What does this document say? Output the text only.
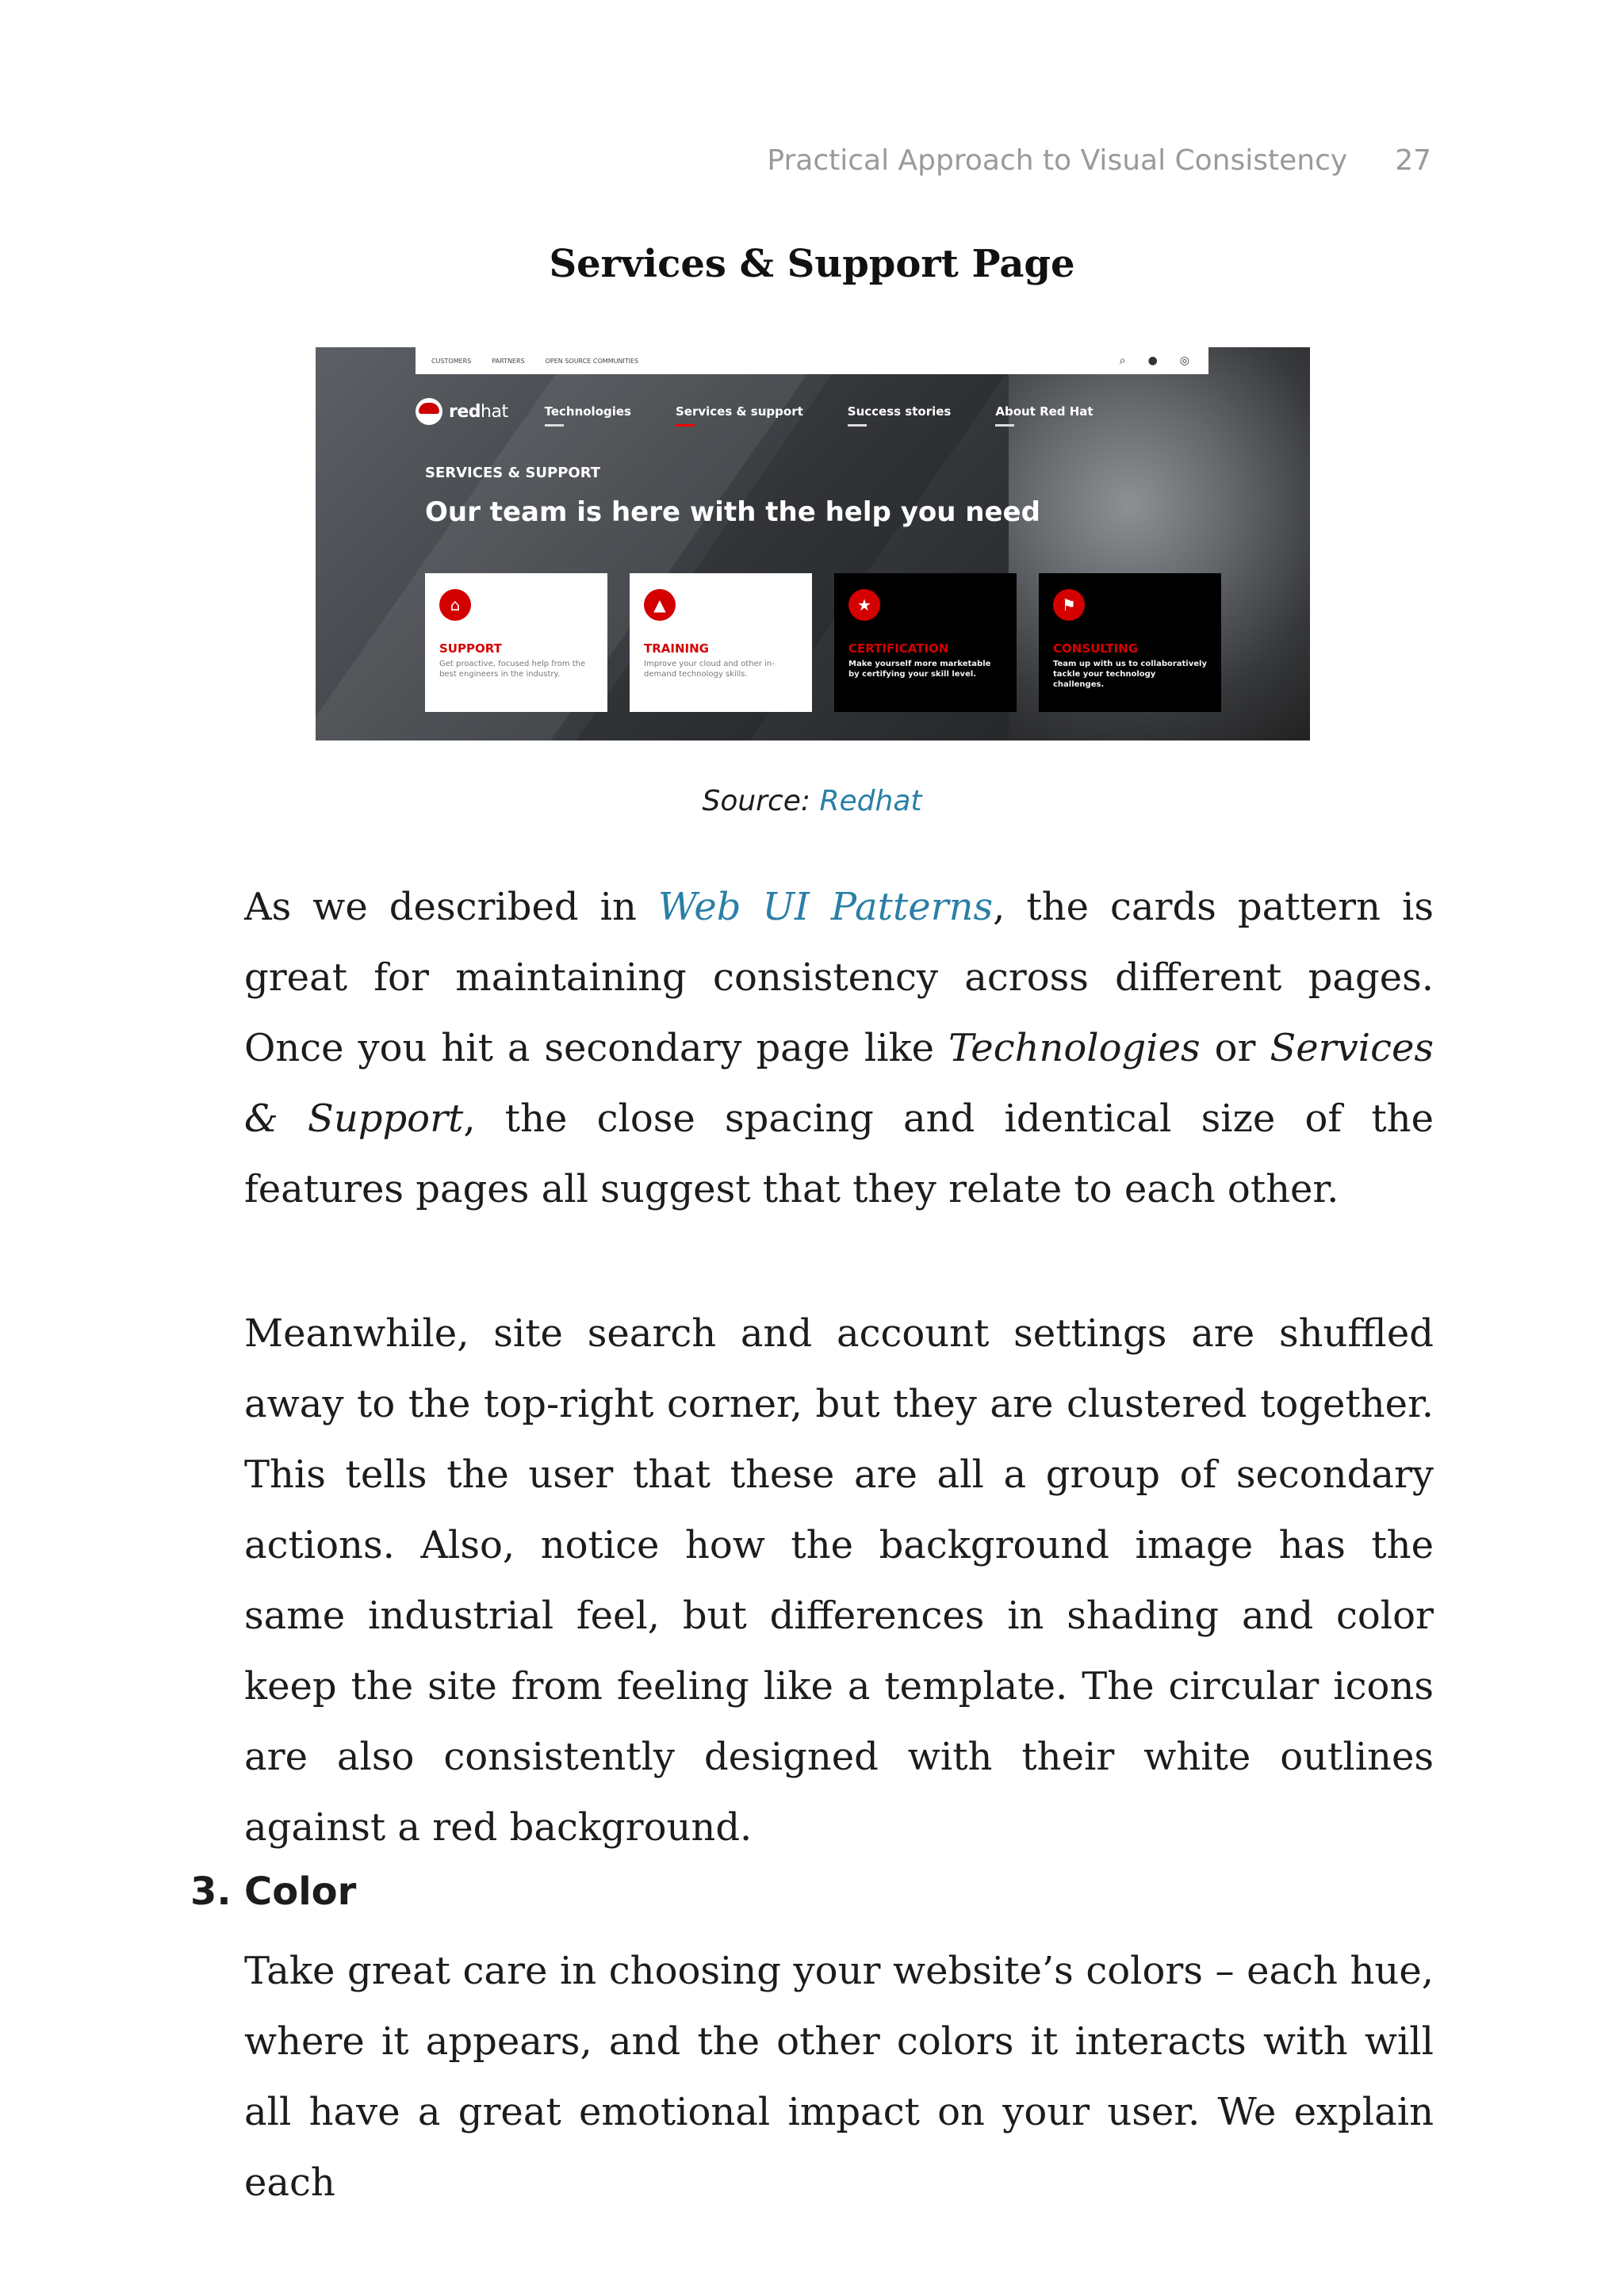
Practical Approach to Visual Consistency 27
Services & Support Page
CUSTOMERS	PARTNERS	OPEN SOURCE COMMUNITIES	⌕ ● ◎
redhat	Technologies	Services & support	Success stories	About Red Hat
SERVICES & SUPPORT
Our team is here with the help you need
⌂
SUPPORT
Get proactive, focused help from the best engineers in the industry.
▲
TRAINING
Improve your cloud and other in-demand technology skills.
★
CERTIFICATION
Make yourself more marketable by certifying your skill level.
⚑
CONSULTING
Team up with us to collaboratively tackle your technology challenges.
Source: Redhat

As we described in Web UI Patterns, the cards pattern is great for maintaining consistency across different pages. Once you hit a secondary page like Technologies or Services & Support, the close spacing and identical size of the features pages all suggest that they relate to each other.

Meanwhile, site search and account settings are shuffled away to the top-right corner, but they are clustered together. This tells the user that these are all a group of secondary actions. Also, notice how the background image has the same industrial feel, but differences in shading and color keep the site from feeling like a template. The circular icons are also consistently designed with their white outlines against a red background.

3. Color

Take great care in choosing your website’s colors – each hue, where it appears, and the other colors it interacts with will all have a great emotional impact on your user. We explain each
